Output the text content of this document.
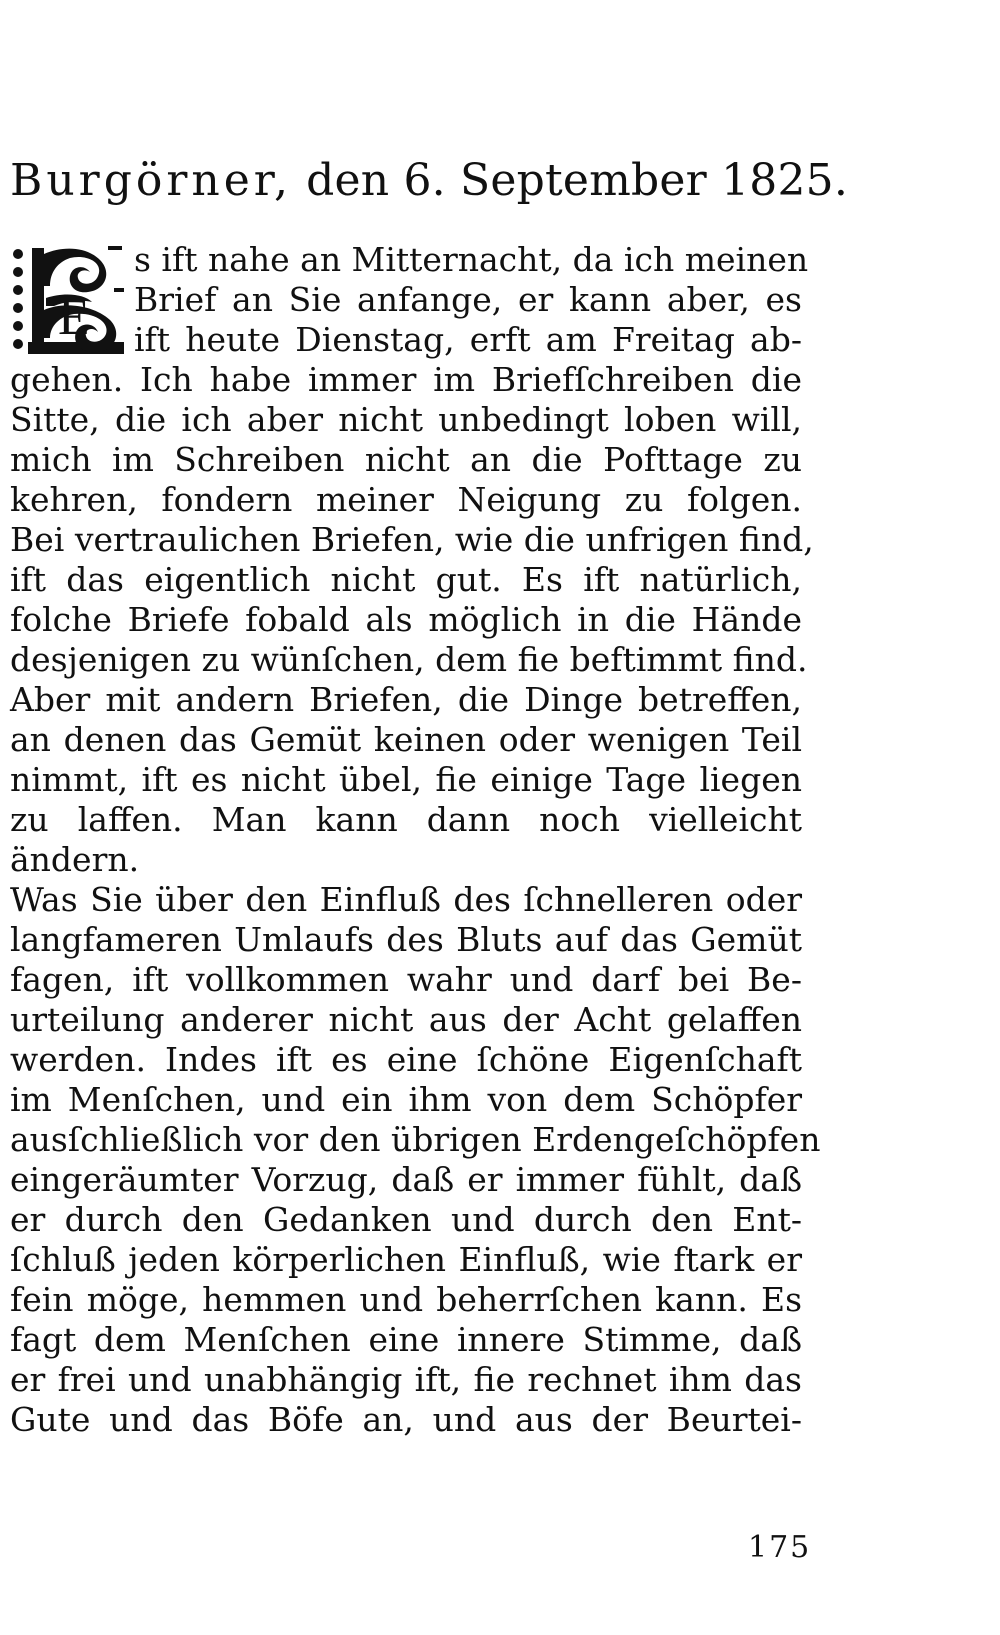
Burgörner, den 6. September 1825.
E
s ift nahe an Mitternacht, da ich meinen
Brief an Sie anfange, er kann aber, es
ift heute Dienstag, erft am Freitag ab-
gehen. Ich habe immer im Briefſchreiben die
Sitte, die ich aber nicht unbedingt loben will,
mich im Schreiben nicht an die Pofttage zu
kehren, fondern meiner Neigung zu folgen.
Bei vertraulichen Briefen, wie die unfrigen find,
ift das eigentlich nicht gut. Es ift natürlich,
folche Briefe fobald als möglich in die Hände
desjenigen zu wünſchen, dem fie beftimmt find.
Aber mit andern Briefen, die Dinge betreffen,
an denen das Gemüt keinen oder wenigen Teil
nimmt, ift es nicht übel, fie einige Tage liegen
zu laffen. Man kann dann noch vielleicht
ändern.
Was Sie über den Einfluß des ſchnelleren oder
langfameren Umlaufs des Bluts auf das Gemüt
fagen, ift vollkommen wahr und darf bei Be-
urteilung anderer nicht aus der Acht gelaffen
werden. Indes ift es eine ſchöne Eigenſchaft
im Menſchen, und ein ihm von dem Schöpfer
ausſchließlich vor den übrigen Erdengeſchöpfen
eingeräumter Vorzug, daß er immer fühlt, daß
er durch den Gedanken und durch den Ent-
ſchluß jeden körperlichen Einfluß, wie ftark er
fein möge, hemmen und beherrſchen kann. Es
fagt dem Menſchen eine innere Stimme, daß
er frei und unabhängig ift, fie rechnet ihm das
Gute und das Böfe an, und aus der Beurtei-
175
